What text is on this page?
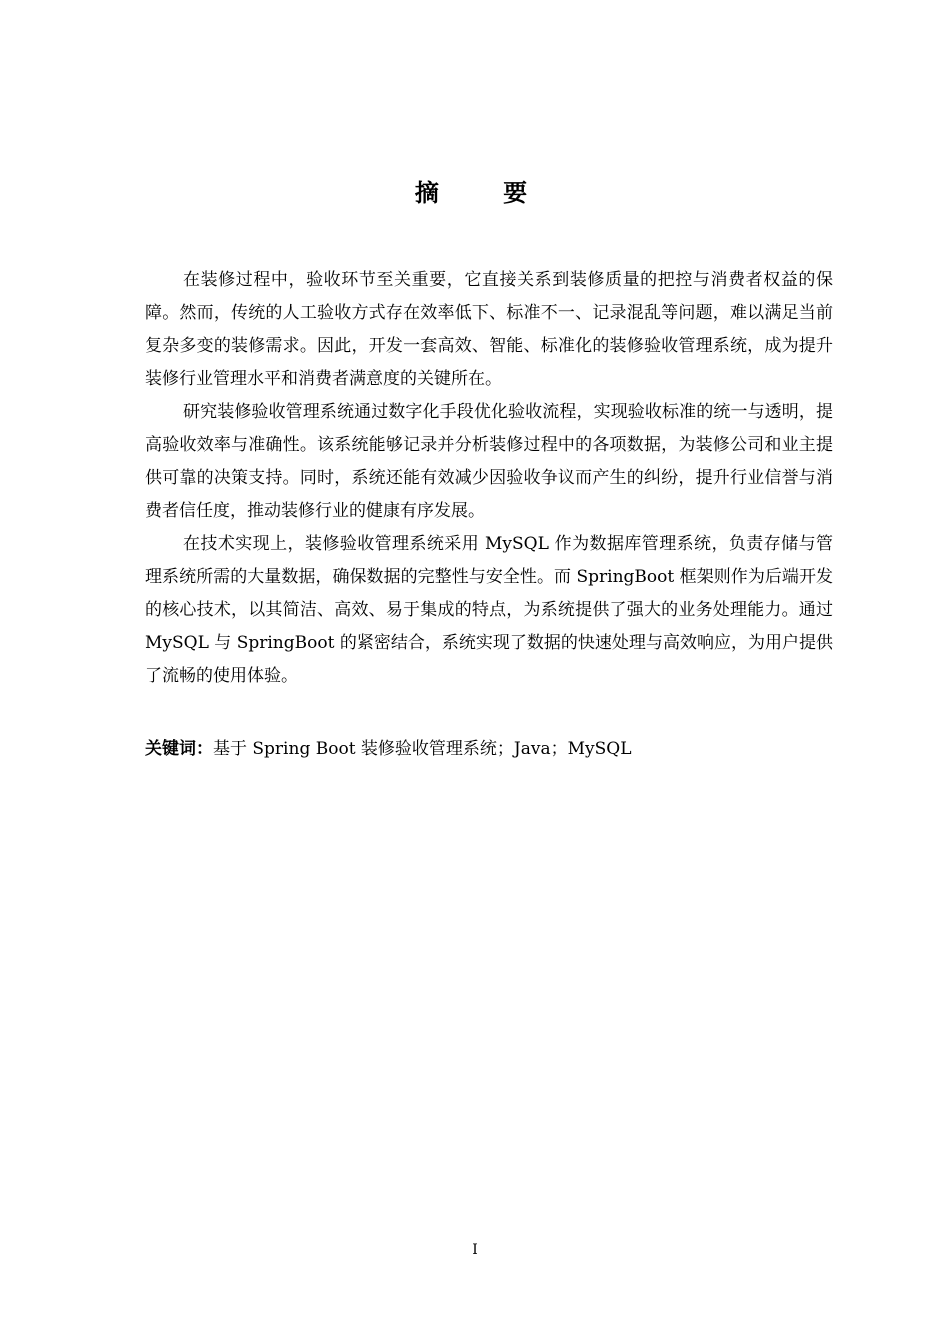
摘 要

在装修过程中，验收环节至关重要，它直接关系到装修质量的把控与消费者权益的保障。然而，传统的人工验收方式存在效率低下、标准不一、记录混乱等问题，难以满足当前复杂多变的装修需求。因此，开发一套高效、智能、标准化的装修验收管理系统，成为提升装修行业管理水平和消费者满意度的关键所在。

研究装修验收管理系统通过数字化手段优化验收流程，实现验收标准的统一与透明，提高验收效率与准确性。该系统能够记录并分析装修过程中的各项数据，为装修公司和业主提供可靠的决策支持。同时，系统还能有效减少因验收争议而产生的纠纷，提升行业信誉与消费者信任度，推动装修行业的健康有序发展。

在技术实现上，装修验收管理系统采用 MySQL 作为数据库管理系统，负责存储与管理系统所需的大量数据，确保数据的完整性与安全性。而 SpringBoot 框架则作为后端开发的核心技术，以其简洁、高效、易于集成的特点，为系统提供了强大的业务处理能力。通过 MySQL 与 SpringBoot 的紧密结合，系统实现了数据的快速处理与高效响应，为用户提供了流畅的使用体验。

关键词：基于 Spring Boot 装修验收管理系统；Java；MySQL
I
